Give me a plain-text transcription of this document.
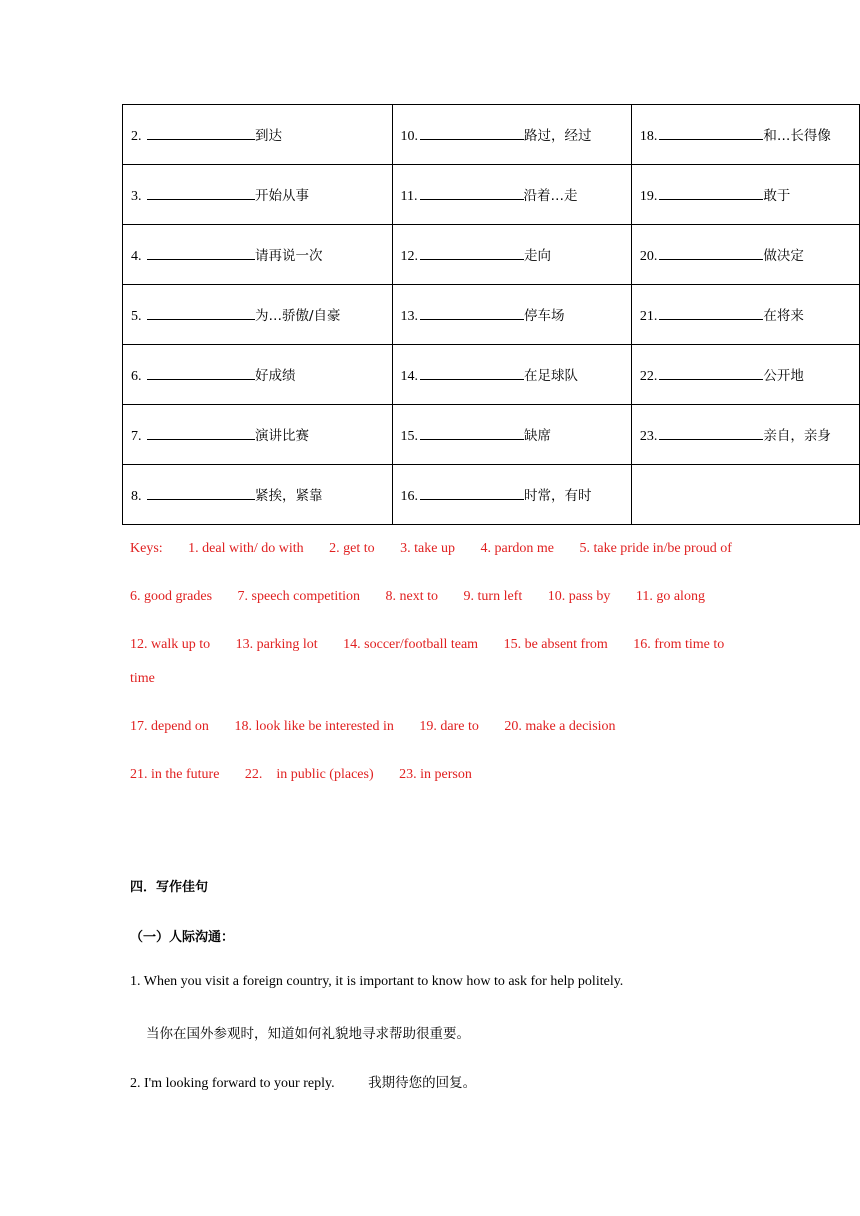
2. 到达	10. 路过，经过	18. 和…长得像
3. 开始从事	11. 沿着…走	19. 敢于
4. 请再说一次	12. 走向	20. 做决定
5. 为…骄傲/自豪	13. 停车场	21. 在将来
6. 好成绩	14. 在足球队	22. 公开地
7. 演讲比赛	15. 缺席	23. 亲自，亲身
8. 紧挨，紧靠	16. 时常，有时	

Keys: 1. deal with/ do with 2. get to 3. take up 4. pardon me 5. take pride in/be proud of

6. good grades 7. speech competition 8. next to 9. turn left 10. pass by 11. go along

12. walk up to 13. parking lot 14. soccer/football team 15. be absent from 16. from time to time

17. depend on 18. look like be interested in 19. dare to 20. make a decision

21. in the future 22.    in public (places) 23. in person

四．写作佳句
（一）人际沟通：
1. When you visit a foreign country, it is important to know how to ask for help politely.
当你在国外参观时，知道如何礼貌地寻求帮助很重要。
2. I'm looking forward to your reply. 我期待您的回复。
